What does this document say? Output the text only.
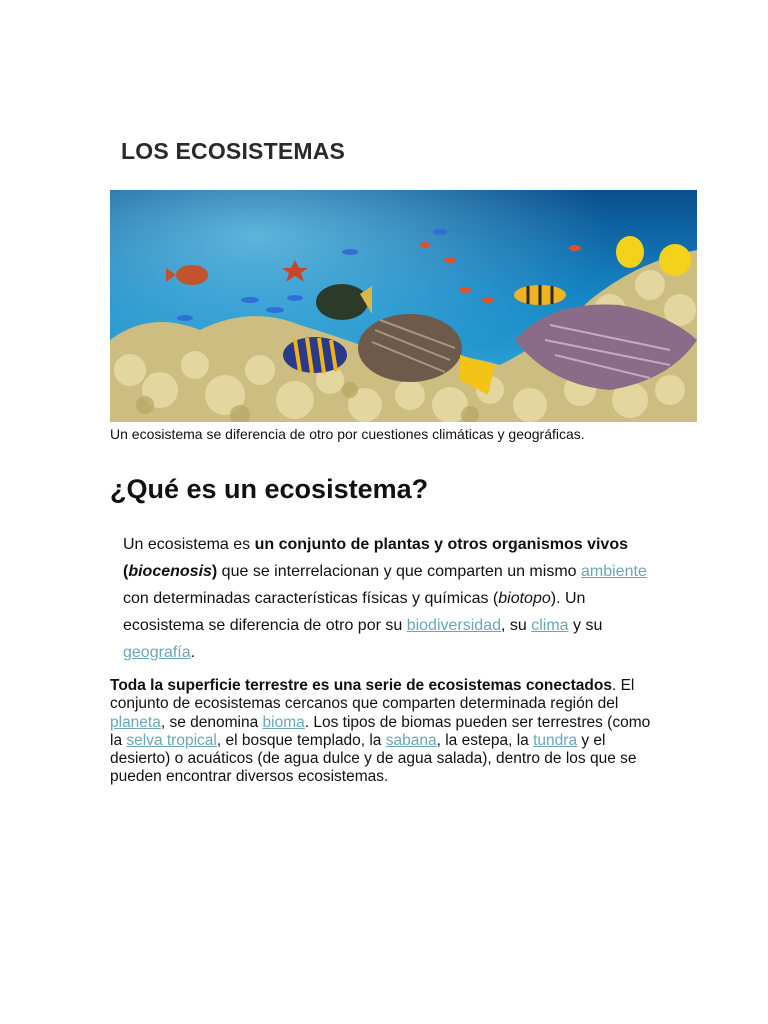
LOS ECOSISTEMAS

Un ecosistema se diferencia de otro por cuestiones climáticas y geográficas.

¿Qué es un ecosistema?

Un ecosistema es un conjunto de plantas y otros organismos vivos (biocenosis) que se interrelacionan y que comparten un mismo ambiente con determinadas características físicas y químicas (biotopo). Un ecosistema se diferencia de otro por su biodiversidad, su clima y su geografía.

Toda la superficie terrestre es una serie de ecosistemas conectados. El conjunto de ecosistemas cercanos que comparten determinada región del planeta, se denomina bioma. Los tipos de biomas pueden ser terrestres (como la selva tropical, el bosque templado, la sabana, la estepa, la tundra y el desierto) o acuáticos (de agua dulce y de agua salada), dentro de los que se pueden encontrar diversos ecosistemas.
